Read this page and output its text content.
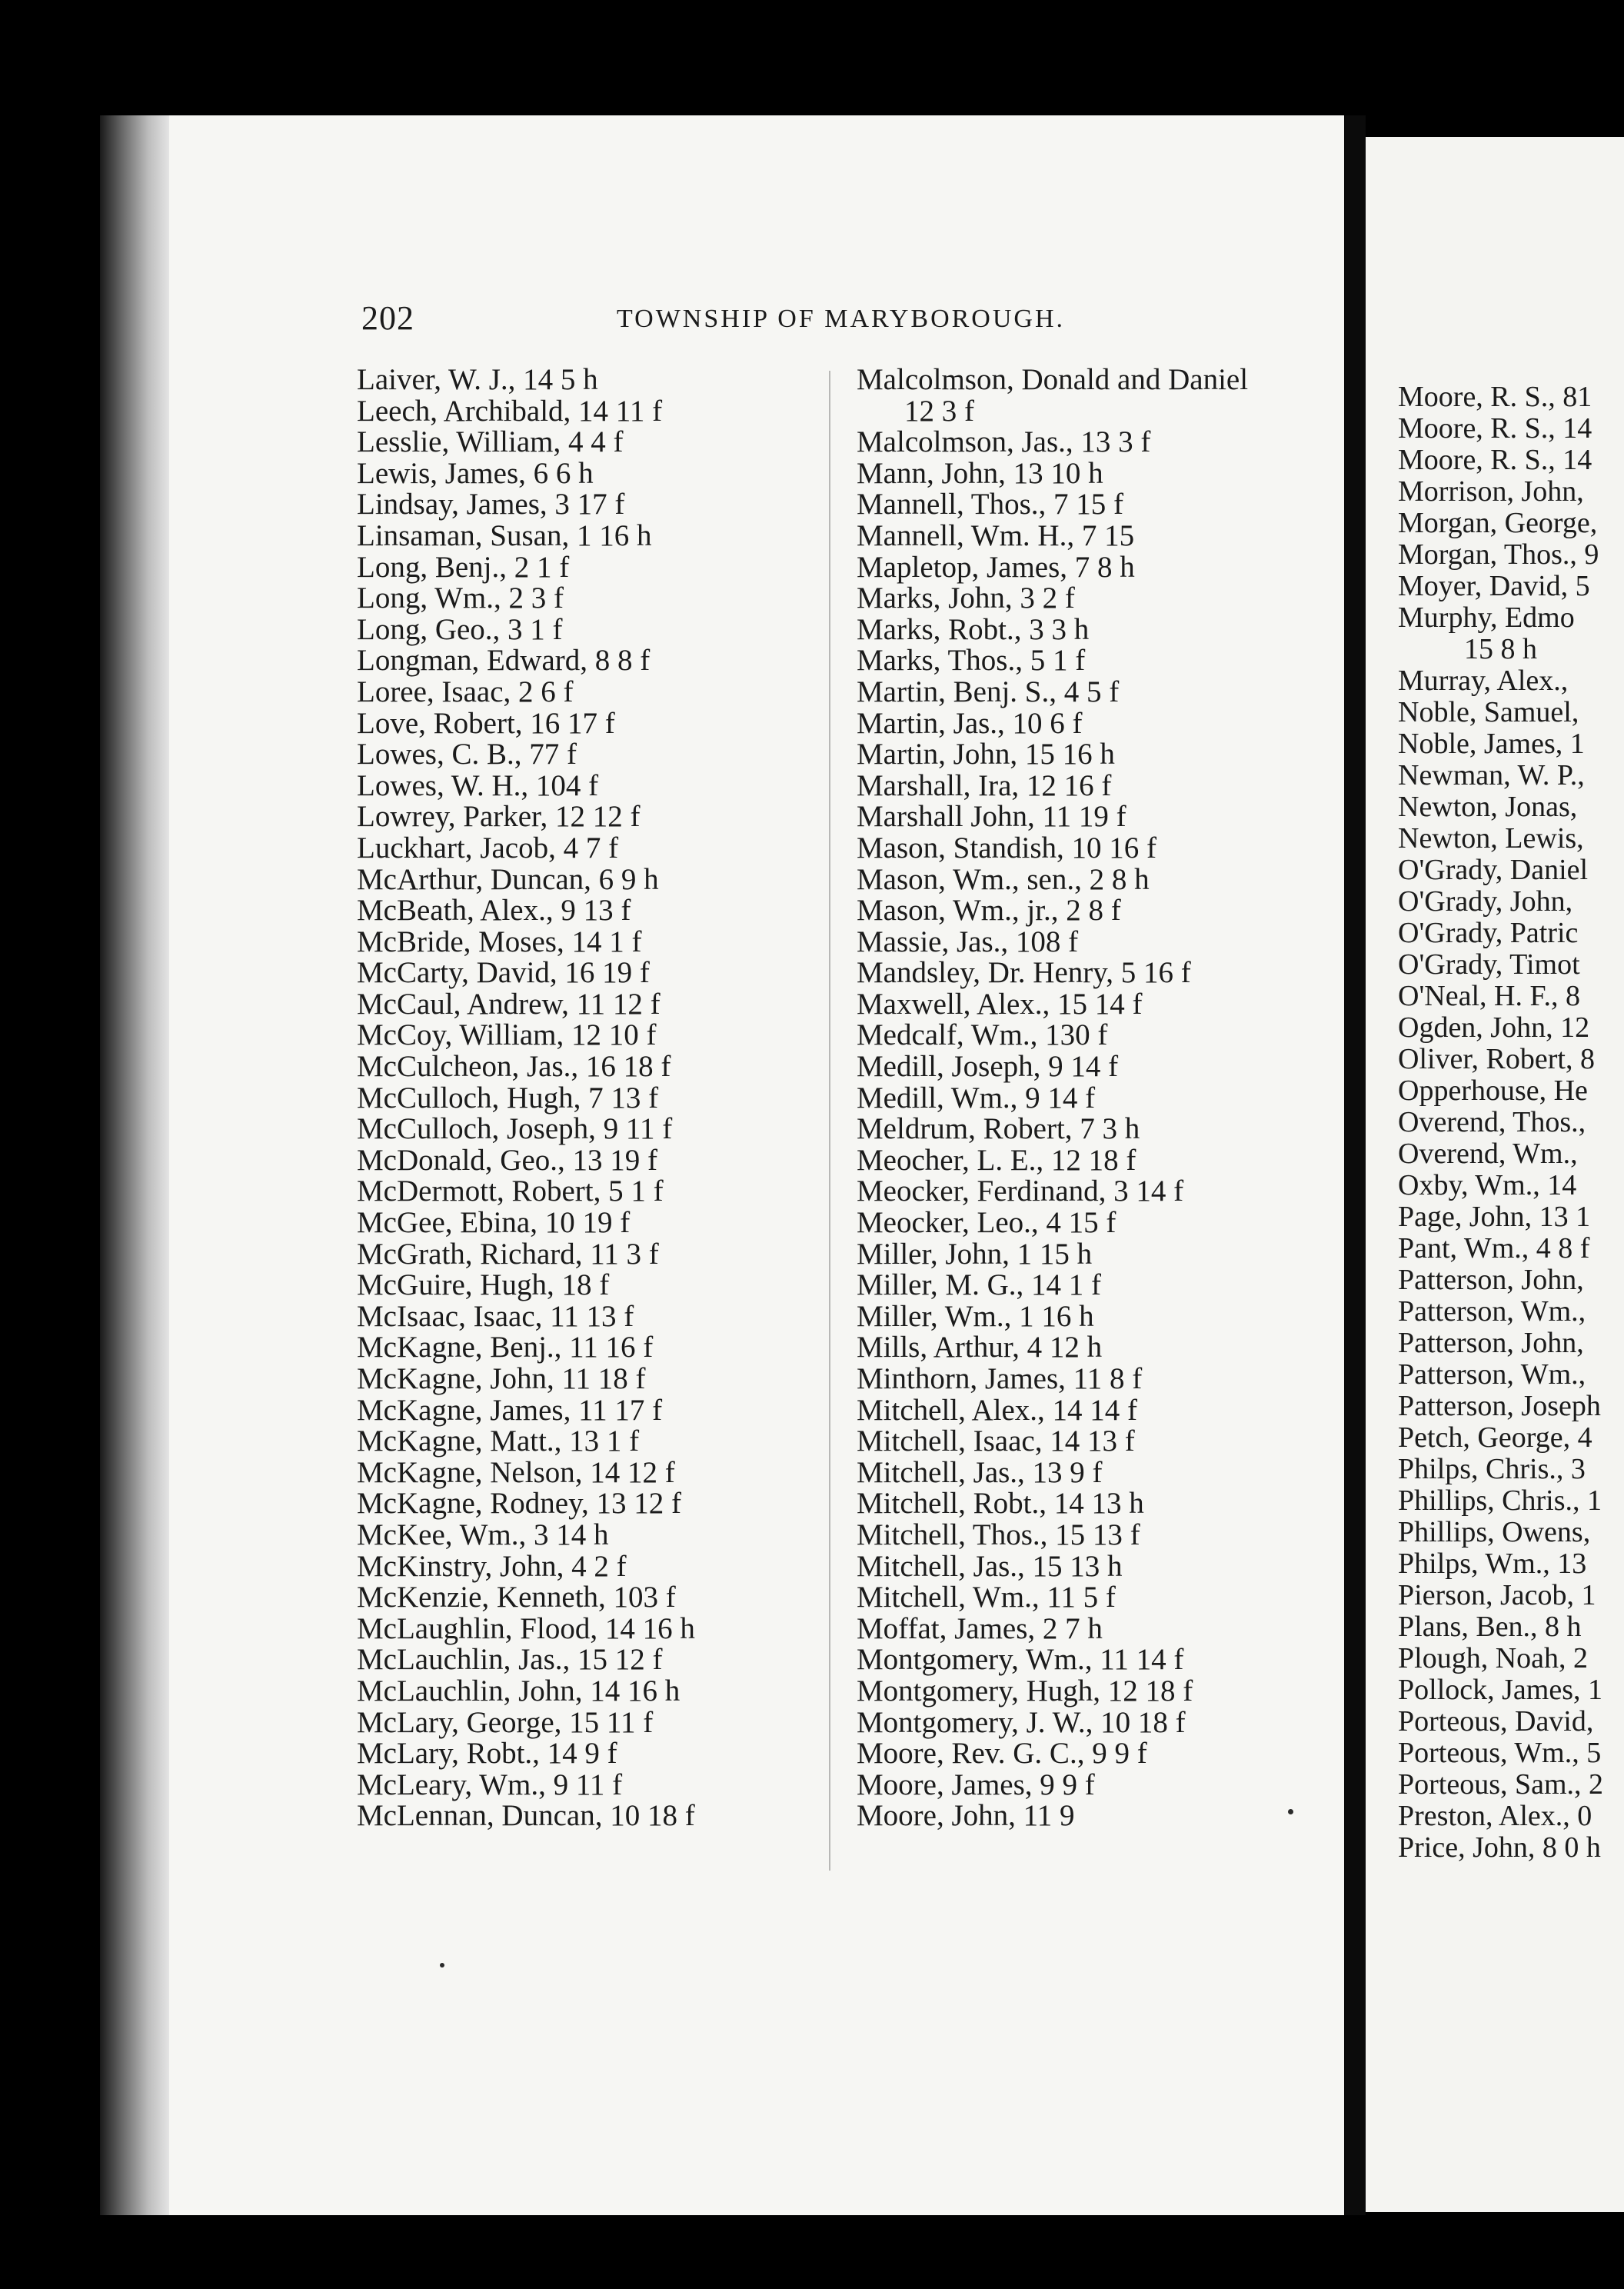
202	TOWNSHIP OF MARYBOROUGH.
Laiver, W. J., 14 5 h
Leech, Archibald, 14 11 f
Lesslie, William, 4 4 f
Lewis, James, 6 6 h
Lindsay, James, 3 17 f
Linsaman, Susan, 1 16 h
Long, Benj., 2 1 f
Long, Wm., 2 3 f
Long, Geo., 3 1 f
Longman, Edward, 8 8 f
Loree, Isaac, 2 6 f
Love, Robert, 16 17 f
Lowes, C. B., 77 f
Lowes, W. H., 104 f
Lowrey, Parker, 12 12 f
Luckhart, Jacob, 4 7 f
McArthur, Duncan, 6 9 h
McBeath, Alex., 9 13 f
McBride, Moses, 14 1 f
McCarty, David, 16 19 f
McCaul, Andrew, 11 12 f
McCoy, William, 12 10 f
McCulcheon, Jas., 16 18 f
McCulloch, Hugh, 7 13 f
McCulloch, Joseph, 9 11 f
McDonald, Geo., 13 19 f
McDermott, Robert, 5 1 f
McGee, Ebina, 10 19 f
McGrath, Richard, 11 3 f
McGuire, Hugh, 18 f
McIsaac, Isaac, 11 13 f
McKagne, Benj., 11 16 f
McKagne, John, 11 18 f
McKagne, James, 11 17 f
McKagne, Matt., 13 1 f
McKagne, Nelson, 14 12 f
McKagne, Rodney, 13 12 f
McKee, Wm., 3 14 h
McKinstry, John, 4 2 f
McKenzie, Kenneth, 103 f
McLaughlin, Flood, 14 16 h
McLauchlin, Jas., 15 12 f
McLauchlin, John, 14 16 h
McLary, George, 15 11 f
McLary, Robt., 14 9 f
McLeary, Wm., 9 11 f
McLennan, Duncan, 10 18 f
Malcolmson, Donald and Daniel
12 3 f
Malcolmson, Jas., 13 3 f
Mann, John, 13 10 h
Mannell, Thos., 7 15 f
Mannell, Wm. H., 7 15
Mapletop, James, 7 8 h
Marks, John, 3 2 f
Marks, Robt., 3 3 h
Marks, Thos., 5 1 f
Martin, Benj. S., 4 5 f
Martin, Jas., 10 6 f
Martin, John, 15 16 h
Marshall, Ira, 12 16 f
Marshall John, 11 19 f
Mason, Standish, 10 16 f
Mason, Wm., sen., 2 8 h
Mason, Wm., jr., 2 8 f
Massie, Jas., 108 f
Mandsley, Dr. Henry, 5 16 f
Maxwell, Alex., 15 14 f
Medcalf, Wm., 130 f
Medill, Joseph, 9 14 f
Medill, Wm., 9 14 f
Meldrum, Robert, 7 3 h
Meocher, L. E., 12 18 f
Meocker, Ferdinand, 3 14 f
Meocker, Leo., 4 15 f
Miller, John, 1 15 h
Miller, M. G., 14 1 f
Miller, Wm., 1 16 h
Mills, Arthur, 4 12 h
Minthorn, James, 11 8 f
Mitchell, Alex., 14 14 f
Mitchell, Isaac, 14 13 f
Mitchell, Jas., 13 9 f
Mitchell, Robt., 14 13 h
Mitchell, Thos., 15 13 f
Mitchell, Jas., 15 13 h
Mitchell, Wm., 11 5 f
Moffat, James, 2 7 h
Montgomery, Wm., 11 14 f
Montgomery, Hugh, 12 18 f
Montgomery, J. W., 10 18 f
Moore, Rev. G. C., 9 9 f
Moore, James, 9 9 f
Moore, John, 11 9
Moore, R. S., 81
Moore, R. S., 14
Moore, R. S., 14
Morrison, John,
Morgan, George,
Morgan, Thos., 9
Moyer, David, 5
Murphy, Edmo
15 8 h
Murray, Alex.,
Noble, Samuel,
Noble, James, 1
Newman, W. P.,
Newton, Jonas,
Newton, Lewis,
O'Grady, Daniel
O'Grady, John,
O'Grady, Patric
O'Grady, Timot
O'Neal, H. F., 8
Ogden, John, 12
Oliver, Robert, 8
Opperhouse, He
Overend, Thos.,
Overend, Wm.,
Oxby, Wm., 14
Page, John, 13 1
Pant, Wm., 4 8 f
Patterson, John,
Patterson, Wm.,
Patterson, John,
Patterson, Wm.,
Patterson, Joseph
Petch, George, 4
Philps, Chris., 3
Phillips, Chris., 1
Phillips, Owens,
Philps, Wm., 13
Pierson, Jacob, 1
Plans, Ben., 8 h
Plough, Noah, 2
Pollock, James, 1
Porteous, David,
Porteous, Wm., 5
Porteous, Sam., 2
Preston, Alex., 0
Price, John, 8 0 h
